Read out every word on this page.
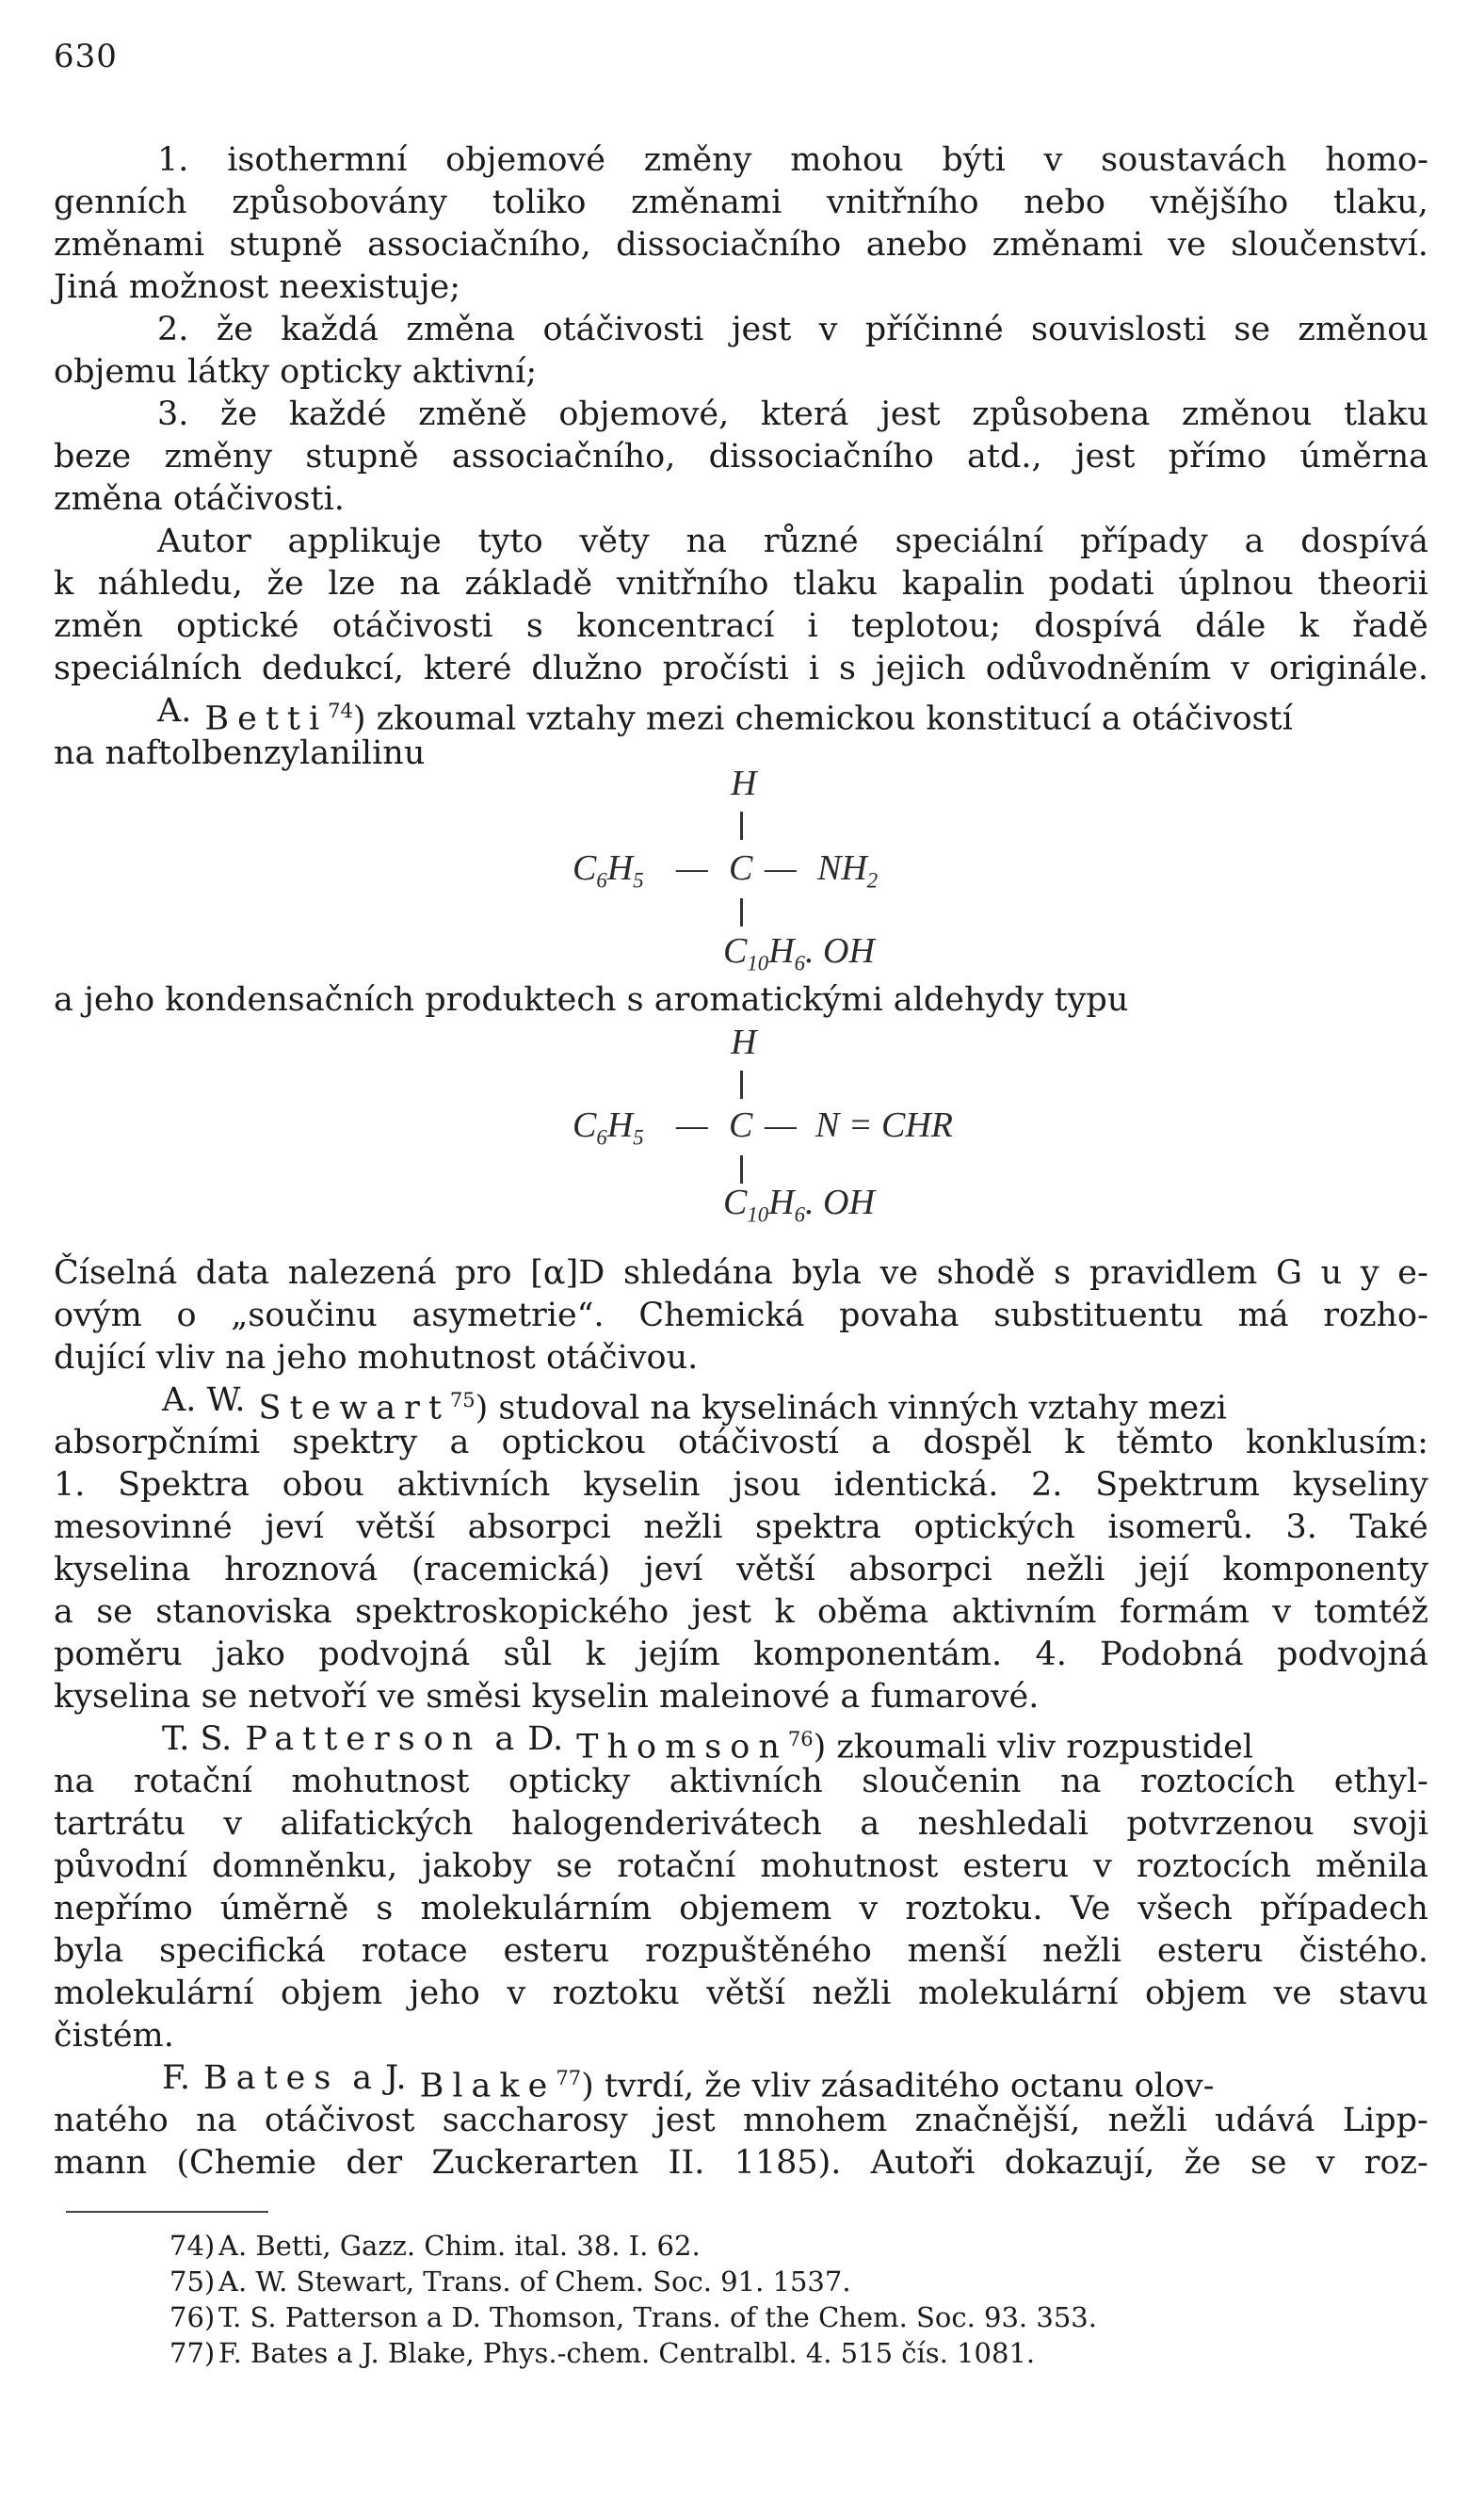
630
1. isothermní objemové změny mohou býti v soustavách homo-
genních způsobovány toliko změnami vnitřního nebo vnějšího tlaku,
změnami stupně associačního, dissociačního anebo změnami ve sloučenství.
Jiná možnost neexistuje;
2. že každá změna otáčivosti jest v příčinné souvislosti se změnou
objemu látky opticky aktivní;
3. že každé změně objemové, která jest způsobena změnou tlaku
beze změny stupně associačního, dissociačního atd., jest přímo úměrna
změna otáčivosti.
Autor applikuje tyto věty na různé speciální případy a dospívá
k náhledu, že lze na základě vnitřního tlaku kapalin podati úplnou theorii
změn optické otáčivosti s koncentrací i teplotou; dospívá dále k řadě
speciálních dedukcí, které dlužno pročísti i s jejich odůvodněním v originále.
A. Betti$^{74}$) zkoumal vztahy mezi chemickou konstitucí a otáčivostí
na naftolbenzylanilinu
H
$C_6H_5$ — C — $NH_2$
$C_{10}H_6$. OH
a jeho kondensačních produktech s aromatickými aldehydy typu
H
$C_6H_5$ — C — N = CHR
$C_{10}H_6$. OH
Číselná data nalezená pro [α]D shledána byla ve shodě s pravidlem G u y e-
ovým o „součinu asymetrie“. Chemická povaha substituentu má rozho-
dující vliv na jeho mohutnost otáčivou.
A. W. Stewart$^{75}$) studoval na kyselinách vinných vztahy mezi
absorpčními spektry a optickou otáčivostí a dospěl k těmto konklusím:
1. Spektra obou aktivních kyselin jsou identická. 2. Spektrum kyseliny
mesovinné jeví větší absorpci nežli spektra optických isomerů. 3. Také
kyselina hroznová (racemická) jeví větší absorpci nežli její komponenty
a se stanoviska spektroskopického jest k oběma aktivním formám v tomtéž
poměru jako podvojná sůl k jejím komponentám. 4. Podobná podvojná
kyselina se netvoří ve směsi kyselin maleinové a fumarové.
T. S. Patterson a D. Thomson$^{76}$) zkoumali vliv rozpustidel
na rotační mohutnost opticky aktivních sloučenin na roztocích ethyl-
tartrátu v alifatických halogenderivátech a neshledali potvrzenou svoji
původní domněnku, jakoby se rotační mohutnost esteru v roztocích měnila
nepřímo úměrně s molekulárním objemem v roztoku. Ve všech případech
byla specifická rotace esteru rozpuštěného menší nežli esteru čistého.
molekulární objem jeho v roztoku větší nežli molekulární objem ve stavu
čistém.
F. Bates a J. Blake$^{77}$) tvrdí, že vliv zásaditého octanu olov-
natého na otáčivost saccharosy jest mnohem značnější, nežli udává Lipp-
mann (Chemie der Zuckerarten II. 1185). Autoři dokazují, že se v roz-
74) A. Betti, Gazz. Chim. ital. 38. I. 62.
75) A. W. Stewart, Trans. of Chem. Soc. 91. 1537.
76) T. S. Patterson a D. Thomson, Trans. of the Chem. Soc. 93. 353.
77) F. Bates a J. Blake, Phys.-chem. Centralbl. 4. 515 čís. 1081.
